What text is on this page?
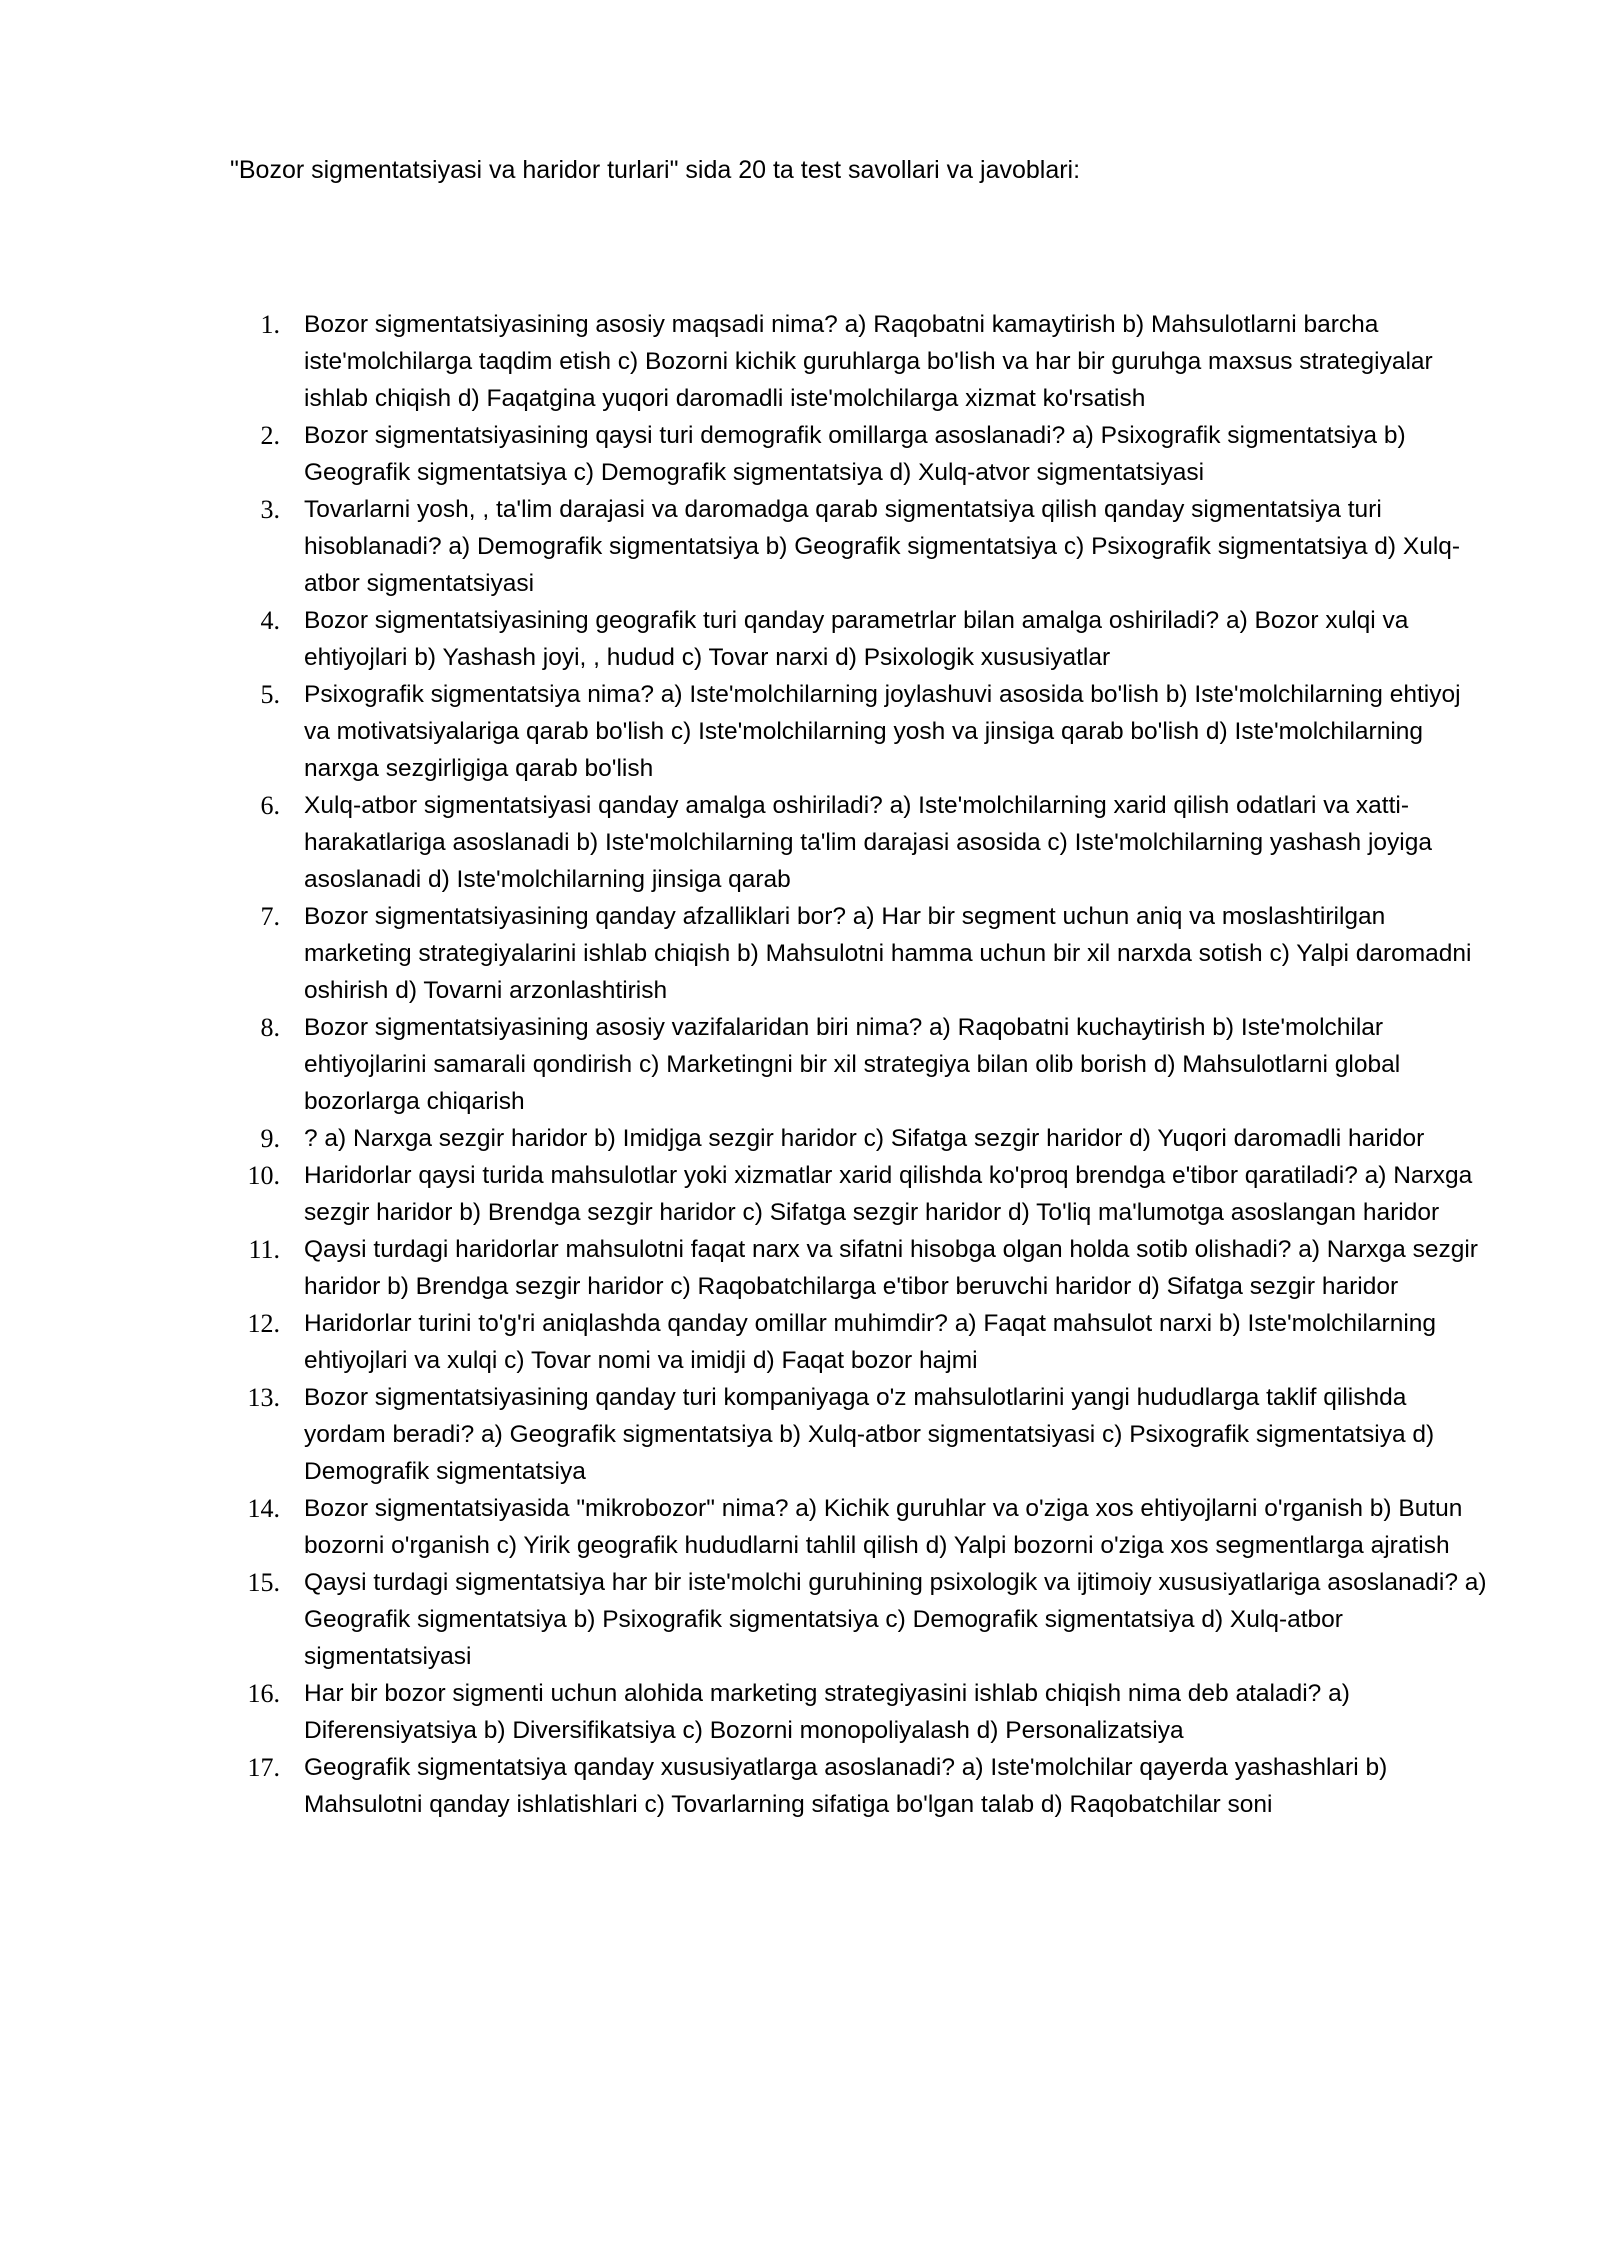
"Bozor sigmentatsiyasi va haridor turlari" sida 20 ta test savollari va javoblari:
1. Bozor sigmentatsiyasining asosiy maqsadi nima? a) Raqobatni kamaytirish b) Mahsulotlarni barcha iste'molchilarga taqdim etish c) Bozorni kichik guruhlarga bo'lish va har bir guruhga maxsus strategiyalar ishlab chiqish d) Faqatgina yuqori daromadli iste'molchilarga xizmat ko'rsatish
2. Bozor sigmentatsiyasining qaysi turi demografik omillarga asoslanadi? a) Psixografik sigmentatsiya b) Geografik sigmentatsiya c) Demografik sigmentatsiya d) Xulq-atvor sigmentatsiyasi
3. Tovarlarni yosh, , ta'lim darajasi va daromadga qarab sigmentatsiya qilish qanday sigmentatsiya turi hisoblanadi? a) Demografik sigmentatsiya b) Geografik sigmentatsiya c) Psixografik sigmentatsiya d) Xulq-atbor sigmentatsiyasi
4. Bozor sigmentatsiyasining geografik turi qanday parametrlar bilan amalga oshiriladi? a) Bozor xulqi va ehtiyojlari b) Yashash joyi, , hudud c) Tovar narxi d) Psixologik xususiyatlar
5. Psixografik sigmentatsiya nima? a) Iste'molchilarning joylashuvi asosida bo'lish b) Iste'molchilarning ehtiyoj va motivatsiyalariga qarab bo'lish c) Iste'molchilarning yosh va jinsiga qarab bo'lish d) Iste'molchilarning narxga sezgirligiga qarab bo'lish
6. Xulq-atbor sigmentatsiyasi qanday amalga oshiriladi? a) Iste'molchilarning xarid qilish odatlari va xatti-harakatlariga asoslanadi b) Iste'molchilarning ta'lim darajasi asosida c) Iste'molchilarning yashash joyiga asoslanadi d) Iste'molchilarning jinsiga qarab
7. Bozor sigmentatsiyasining qanday afzalliklari bor? a) Har bir segment uchun aniq va moslashtirilgan marketing strategiyalarini ishlab chiqish b) Mahsulotni hamma uchun bir xil narxda sotish c) Yalpi daromadni oshirish d) Tovarni arzonlashtirish
8. Bozor sigmentatsiyasining asosiy vazifalaridan biri nima? a) Raqobatni kuchaytirish b) Iste'molchilar ehtiyojlarini samarali qondirish c) Marketingni bir xil strategiya bilan olib borish d) Mahsulotlarni global bozorlarga chiqarish
9. ? a) Narxga sezgir haridor b) Imidjga sezgir haridor c) Sifatga sezgir haridor d) Yuqori daromadli haridor
10. Haridorlar qaysi turida mahsulotlar yoki xizmatlar xarid qilishda ko'proq brendga e'tibor qaratiladi? a) Narxga sezgir haridor b) Brendga sezgir haridor c) Sifatga sezgir haridor d) To'liq ma'lumotga asoslangan haridor
11. Qaysi turdagi haridorlar mahsulotni faqat narx va sifatni hisobga olgan holda sotib olishadi? a) Narxga sezgir haridor b) Brendga sezgir haridor c) Raqobatchilarga e'tibor beruvchi haridor d) Sifatga sezgir haridor
12. Haridorlar turini to'g'ri aniqlashda qanday omillar muhimdir? a) Faqat mahsulot narxi b) Iste'molchilarning ehtiyojlari va xulqi c) Tovar nomi va imidji d) Faqat bozor hajmi
13. Bozor sigmentatsiyasining qanday turi kompaniyaga o'z mahsulotlarini yangi hududlarga taklif qilishda yordam beradi? a) Geografik sigmentatsiya b) Xulq-atbor sigmentatsiyasi c) Psixografik sigmentatsiya d) Demografik sigmentatsiya
14. Bozor sigmentatsiyasida "mikrobozor" nima? a) Kichik guruhlar va o'ziga xos ehtiyojlarni o'rganish b) Butun bozorni o'rganish c) Yirik geografik hududlarni tahlil qilish d) Yalpi bozorni o'ziga xos segmentlarga ajratish
15. Qaysi turdagi sigmentatsiya har bir iste'molchi guruhining psixologik va ijtimoiy xususiyatlariga asoslanadi? a) Geografik sigmentatsiya b) Psixografik sigmentatsiya c) Demografik sigmentatsiya d) Xulq-atbor sigmentatsiyasi
16. Har bir bozor sigmenti uchun alohida marketing strategiyasini ishlab chiqish nima deb ataladi? a) Diferensiyatsiya b) Diversifikatsiya c) Bozorni monopoliyalash d) Personalizatsiya
17. Geografik sigmentatsiya qanday xususiyatlarga asoslanadi? a) Iste'molchilar qayerda yashashlari b) Mahsulotni qanday ishlatishlari c) Tovarlarning sifatiga bo'lgan talab d) Raqobatchilar soni
